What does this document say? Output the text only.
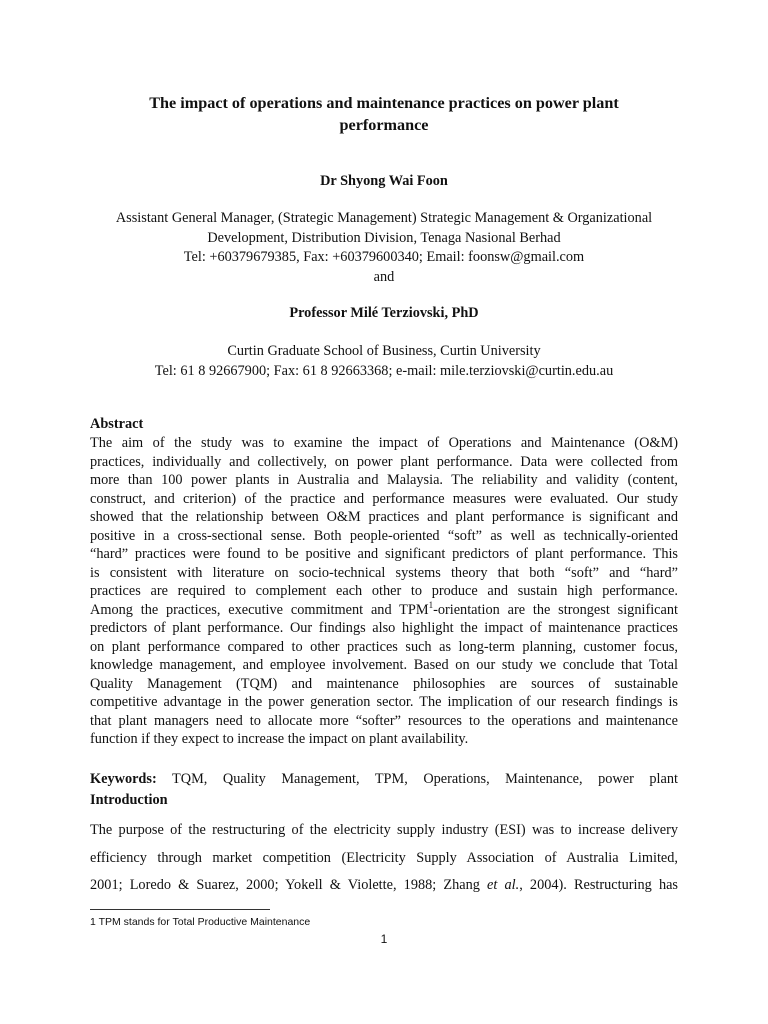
The impact of operations and maintenance practices on power plant
performance
Dr Shyong Wai Foon
Assistant General Manager, (Strategic Management) Strategic Management & Organizational
Development, Distribution Division, Tenaga Nasional Berhad
Tel: +60379679385, Fax: +60379600340; Email: foonsw@gmail.com
and
Professor Milé Terziovski, PhD
Curtin Graduate School of Business, Curtin University
Tel: 61 8 92667900; Fax: 61 8 92663368; e-mail: mile.terziovski@curtin.edu.au
Abstract
The aim of the study was to examine the impact of Operations and Maintenance (O&M)
practices, individually and collectively, on power plant performance. Data were collected from
more than 100 power plants in Australia and Malaysia. The reliability and validity (content,
construct, and criterion) of the practice and performance measures were evaluated. Our study
showed that the relationship between O&M practices and plant performance is significant and
positive in a cross-sectional sense. Both people-oriented “soft” as well as technically-oriented
“hard” practices were found to be positive and significant predictors of plant performance. This
is consistent with literature on socio-technical systems theory that both “soft” and “hard”
practices are required to complement each other to produce and sustain high performance.
Among the practices, executive commitment and TPM$^1$-orientation are the strongest significant
predictors of plant performance. Our findings also highlight the impact of maintenance practices
on plant performance compared to other practices such as long-term planning, customer focus,
knowledge management, and employee involvement. Based on our study we conclude that Total
Quality Management (TQM) and maintenance philosophies are sources of sustainable
competitive advantage in the power generation sector. The implication of our research findings is
that plant managers need to allocate more “softer” resources to the operations and maintenance
function if they expect to increase the impact on plant availability.
Keywords: TQM, Quality Management, TPM, Operations, Maintenance, power plant
Introduction
The purpose of the restructuring of the electricity supply industry (ESI) was to increase delivery
efficiency through market competition (Electricity Supply Association of Australia Limited,
2001; Loredo & Suarez, 2000; Yokell & Violette, 1988; Zhang et al., 2004). Restructuring has
1 TPM stands for Total Productive Maintenance
1
